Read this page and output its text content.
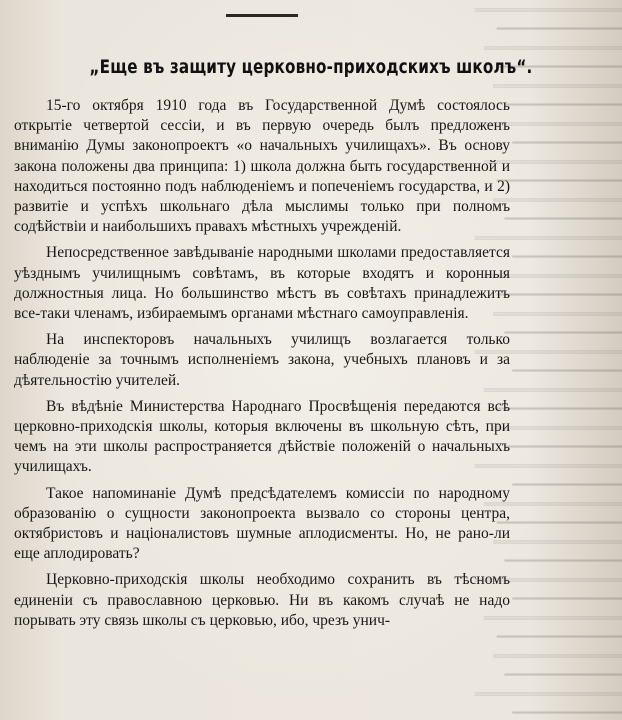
════════════════
━━━━━━━━━━━━━━━━
═══════════════
━━━━━━━━━━━━━━━━
══════════════
━━━━━━━━━━━━━━━
════════════════
━━━━━━━━━━━━━━
═══════════════
━━━━━━━━━━━━━━━━
══════════════
━━━━━━━━━━━━━━━
════════════════
━━━━━━━━━━━━━━
═══════════════
━━━━━━━━━━━━━━━━
══════════════
━━━━━━━━━━━━━━━
════════════════
━━━━━━━━━━━━━━
═══════════════
━━━━━━━━━━━━━━━━
══════════════
━━━━━━━━━━━━━━━
════════════════
━━━━━━━━━━━━━━
═══════════════
━━━━━━━━━━━━━━━━
══════════════
━━━━━━━━━━━━━━━
════════════════
━━━━━━━━━━━━━━
═══════════════
━━━━━━━━━━━━━━━━
══════════════
━━━━━━━━━━━━━━━
════════════════
━━━━━━━━━━━━━━
„Еще въ защиту церковно-приходскихъ школъ“.

15-го октября 1910 года въ Государственной Думѣ состоялось открытіе четвертой сессіи, и въ первую очередь былъ предложенъ вниманію Думы законопроектъ «о начальныхъ училищахъ». Въ основу закона положены два принципа: 1) школа должна быть государственной и находиться постоянно подъ наблюденіемъ и попеченіемъ государства, и 2) развитіе и успѣхъ школьнаго дѣла мыслимы только при полномъ содѣйствіи и наибольшихъ правахъ мѣстныхъ учрежденій.

Непосредственное завѣдываніе народными школами предоставляется уѣзднымъ училищнымъ совѣтамъ, въ которые входятъ и коронныя должностныя лица. Но большинство мѣстъ въ совѣтахъ принадлежитъ все-таки членамъ, избираемымъ органами мѣстнаго самоуправленія.

На инспекторовъ начальныхъ училищъ возлагается только наблюденіе за точнымъ исполненіемъ закона, учебныхъ плановъ и за дѣятельностію учителей.

Въ вѣдѣніе Министерства Народнаго Просвѣщенія передаются всѣ церковно-приходскія школы, которыя включены въ школьную сѣть, при чемъ на эти школы распространяется дѣйствіе положеній о начальныхъ училищахъ.

Такое напоминаніе Думѣ предсѣдателемъ комиссіи по народному образованію о сущности законопроекта вызвало со стороны центра, октябристовъ и націоналистовъ шумные аплодисменты. Но, не рано-ли еще аплодировать?

Церковно-приходскія школы необходимо сохранить въ тѣсномъ единеніи съ православною церковью. Ни въ какомъ случаѣ не надо порывать эту связь школы съ церковью, ибо, чрезъ унич-
